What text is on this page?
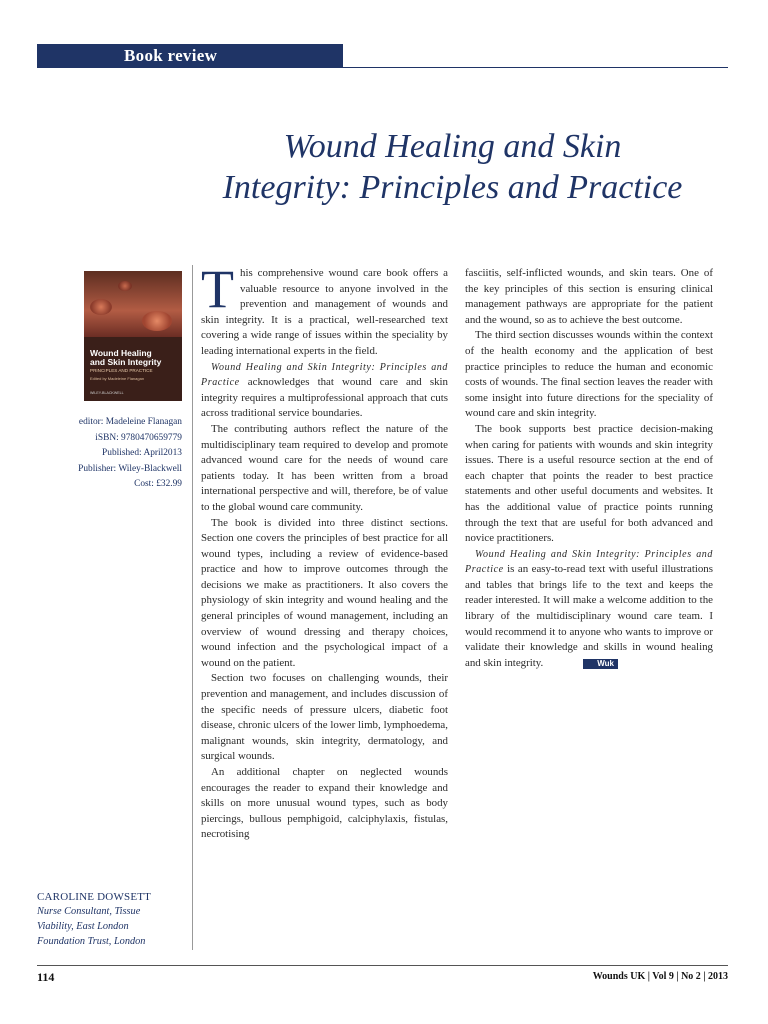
Book review
Wound Healing and Skin
Integrity: Principles and Practice
Wound Healing
and Skin Integrity
PRINCIPLES AND PRACTICE
Edited by Madeleine Flanagan
WILEY-BLACKWELL
editor: Madeleine Flanagan
iSBN: 9780470659779
Published: April2013
Publisher: Wiley-Blackwell
Cost: £32.99

This comprehensive wound care book offers a valuable resource to anyone involved in the prevention and management of wounds and skin integrity. It is a practical, well-researched text covering a wide range of issues within the speciality by leading international experts in the field.

Wound Healing and Skin Integrity: Principles and Practice acknowledges that wound care and skin integrity requires a multiprofessional approach that cuts across traditional service boundaries.

The contributing authors reflect the nature of the multidisciplinary team required to develop and promote advanced wound care for the needs of wound care patients today. It has been written from a broad international perspective and will, therefore, be of value to the global wound care community.

The book is divided into three distinct sections. Section one covers the principles of best practice for all wound types, including a review of evidence-based practice and how to improve outcomes through the decisions we make as practitioners. It also covers the physiology of skin integrity and wound healing and the general principles of wound management, including an overview of wound dressing and therapy choices, wound infection and the psychological impact of a wound on the patient.

Section two focuses on challenging wounds, their prevention and management, and includes discussion of the specific needs of pressure ulcers, diabetic foot disease, chronic ulcers of the lower limb, lymphoedema, malignant wounds, skin integrity, dermatology, and surgical wounds.

An additional chapter on neglected wounds encourages the reader to expand their knowledge and skills on more unusual wound types, such as body piercings, bullous pemphigoid, calciphylaxis, fistulas, necrotising

fasciitis, self-inflicted wounds, and skin tears. One of the key principles of this section is ensuring clinical management pathways are appropriate for the patient and the wound, so as to achieve the best outcome.

The third section discusses wounds within the context of the health economy and the application of best practice principles to reduce the human and economic costs of wounds. The final section leaves the reader with some insight into future directions for the speciality of wound care and skin integrity.

The book supports best practice decision-making when caring for patients with wounds and skin integrity issues. There is a useful resource section at the end of each chapter that points the reader to best practice statements and other useful documents and websites. It has the additional value of practice points running through the text that are useful for both advanced and novice practitioners.

Wound Healing and Skin Integrity: Principles and Practice is an easy-to-read text with useful illustrations and tables that brings life to the text and keeps the reader interested. It will make a welcome addition to the library of the multidisciplinary wound care team. I would recommend it to anyone who wants to improve or validate their knowledge and skills in wound healing and skin integrity.	Wuk

CAROLINE DOWSETT
Nurse Consultant, Tissue
Viability, East London
Foundation Trust, London
114	Wounds UK | Vol 9 | No 2 | 2013
